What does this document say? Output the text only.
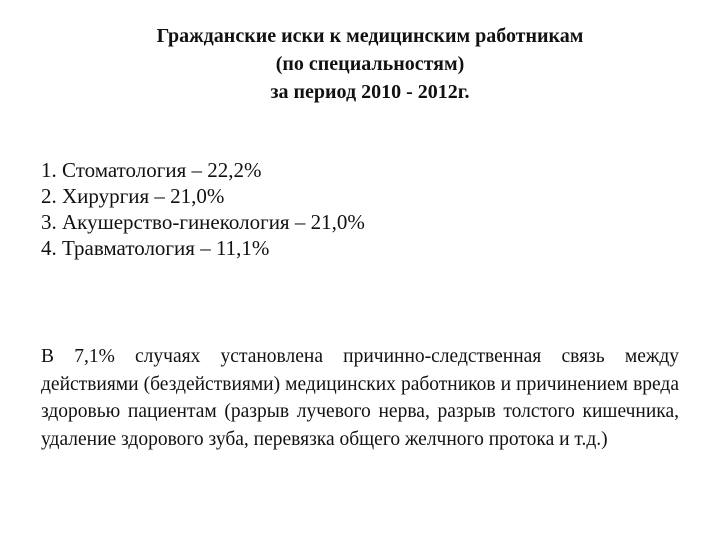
Гражданские иски к медицинским работникам
(по специальностям)
за период 2010 - 2012г.
1. Стоматология – 22,2%
2. Хирургия – 21,0%
3. Акушерство-гинекология – 21,0%
4. Травматология – 11,1%

В 7,1% случаях установлена причинно-следственная связь между действиями (бездействиями) медицинских работников и причинением вреда здоровью пациентам (разрыв лучевого нерва, разрыв толстого кишечника, удаление здорового зуба, перевязка общего желчного протока и т.д.)
